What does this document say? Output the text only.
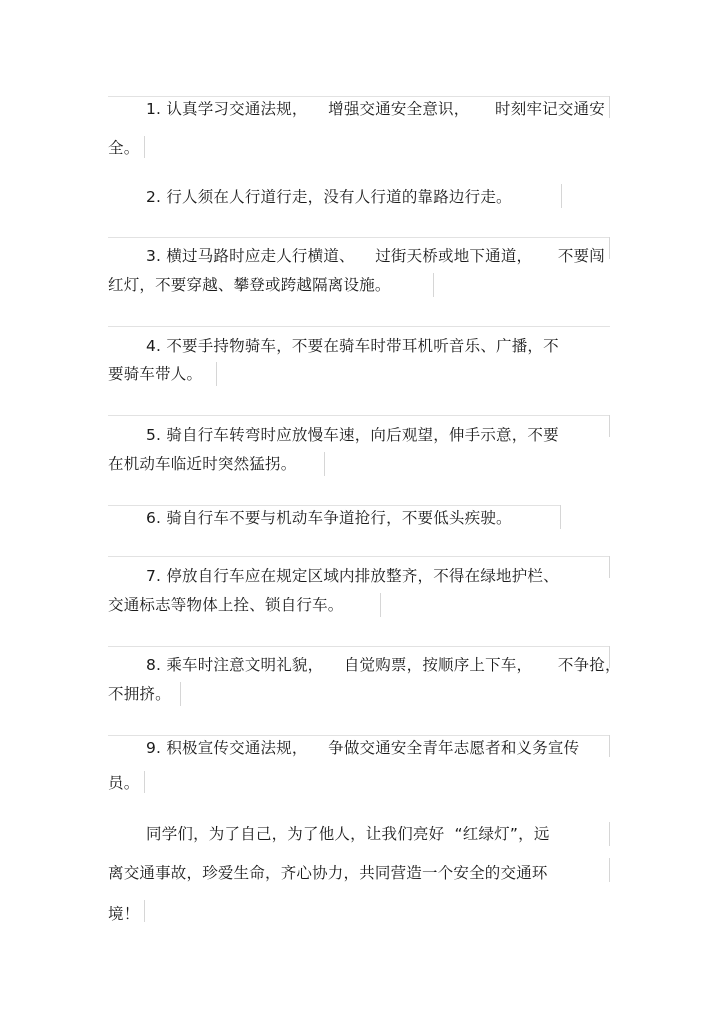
1. 认真学习交通法规，    增强交通安全意识，     时刻牢记交通安
全。
2. 行人须在人行道行走，没有人行道的靠路边行走。
3. 横过马路时应走人行横道、    过街天桥或地下通道，     不要闯
红灯，不要穿越、攀登或跨越隔离设施。
4. 不要手持物骑车，不要在骑车时带耳机听音乐、广播，不
要骑车带人。
5. 骑自行车转弯时应放慢车速，向后观望，伸手示意，不要
在机动车临近时突然猛拐。
6. 骑自行车不要与机动车争道抢行，不要低头疾驶。
7. 停放自行车应在规定区域内排放整齐，不得在绿地护栏、
交通标志等物体上拴、锁自行车。
8. 乘车时注意文明礼貌，    自觉购票，按顺序上下车，     不争抢，
不拥挤。
9. 积极宣传交通法规，    争做交通安全青年志愿者和义务宣传
员。
同学们，为了自己，为了他人，让我们亮好  “红绿灯”，远
离交通事故，珍爱生命，齐心协力，共同营造一个安全的交通环
境！
